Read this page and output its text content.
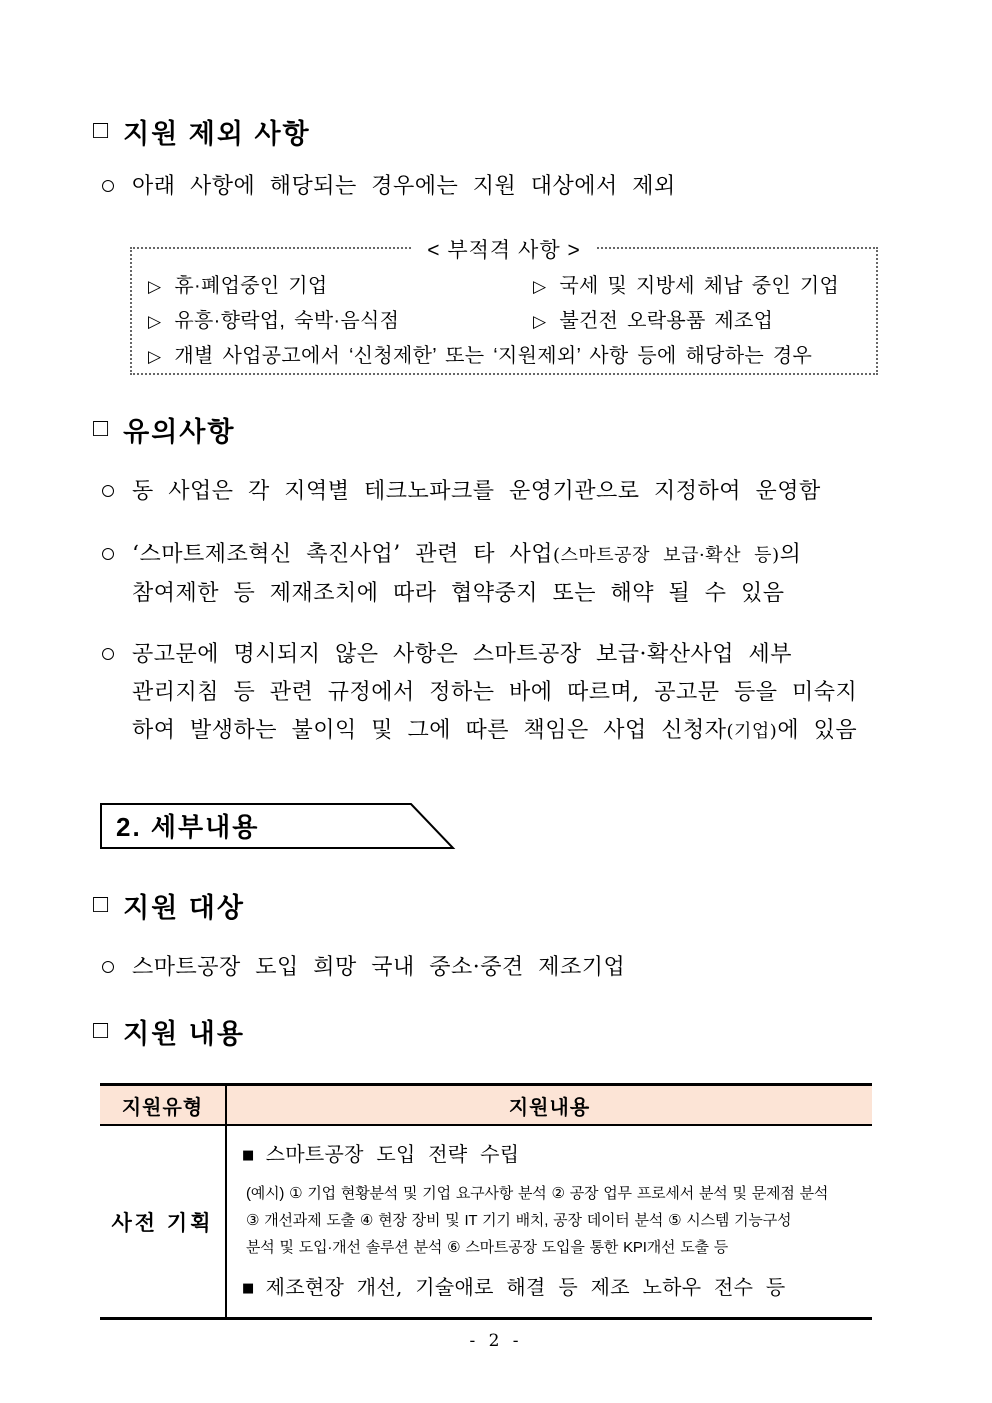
□ 지원 제외 사항
아래 사항에 해당되는 경우에는 지원 대상에서 제외
< 부적격 사항 >
▷ 휴·폐업중인 기업	▷ 국세 및 지방세 체납 중인 기업
▷ 유흥·향락업, 숙박·음식점	▷ 불건전 오락용품 제조업
▷ 개별 사업공고에서 ‘신청제한’ 또는 ‘지원제외’ 사항 등에 해당하는 경우
□ 유의사항
동 사업은 각 지역별 테크노파크를 운영기관으로 지정하여 운영함
‘스마트제조혁신 촉진사업’ 관련 타 사업(스마트공장 보급·확산 등)의
참여제한 등 제재조치에 따라 협약중지 또는 해약 될 수 있음
공고문에 명시되지 않은 사항은 스마트공장 보급·확산사업 세부
관리지침 등 관련 규정에서 정하는 바에 따르며, 공고문 등을 미숙지
하여 발생하는 불이익 및 그에 따른 책임은 사업 신청자(기업)에 있음
2. 세부내용
□ 지원 대상
스마트공장 도입 희망 국내 중소·중견 제조기업
□ 지원 내용
지원유형	지원내용
사전 기획
■ 스마트공장 도입 전략 수립
(예시) ① 기업 현황분석 및 기업 요구사항 분석 ② 공장 업무 프로세서 분석 및 문제점 분석
③ 개선과제 도출 ④ 현장 장비 및 IT 기기 배치, 공장 데이터 분석 ⑤ 시스템 기능구성
분석 및 도입·개선 솔루션 분석 ⑥ 스마트공장 도입을 통한 KPI개선 도출 등
■ 제조현장 개선, 기술애로 해결 등 제조 노하우 전수 등
- 2 -
